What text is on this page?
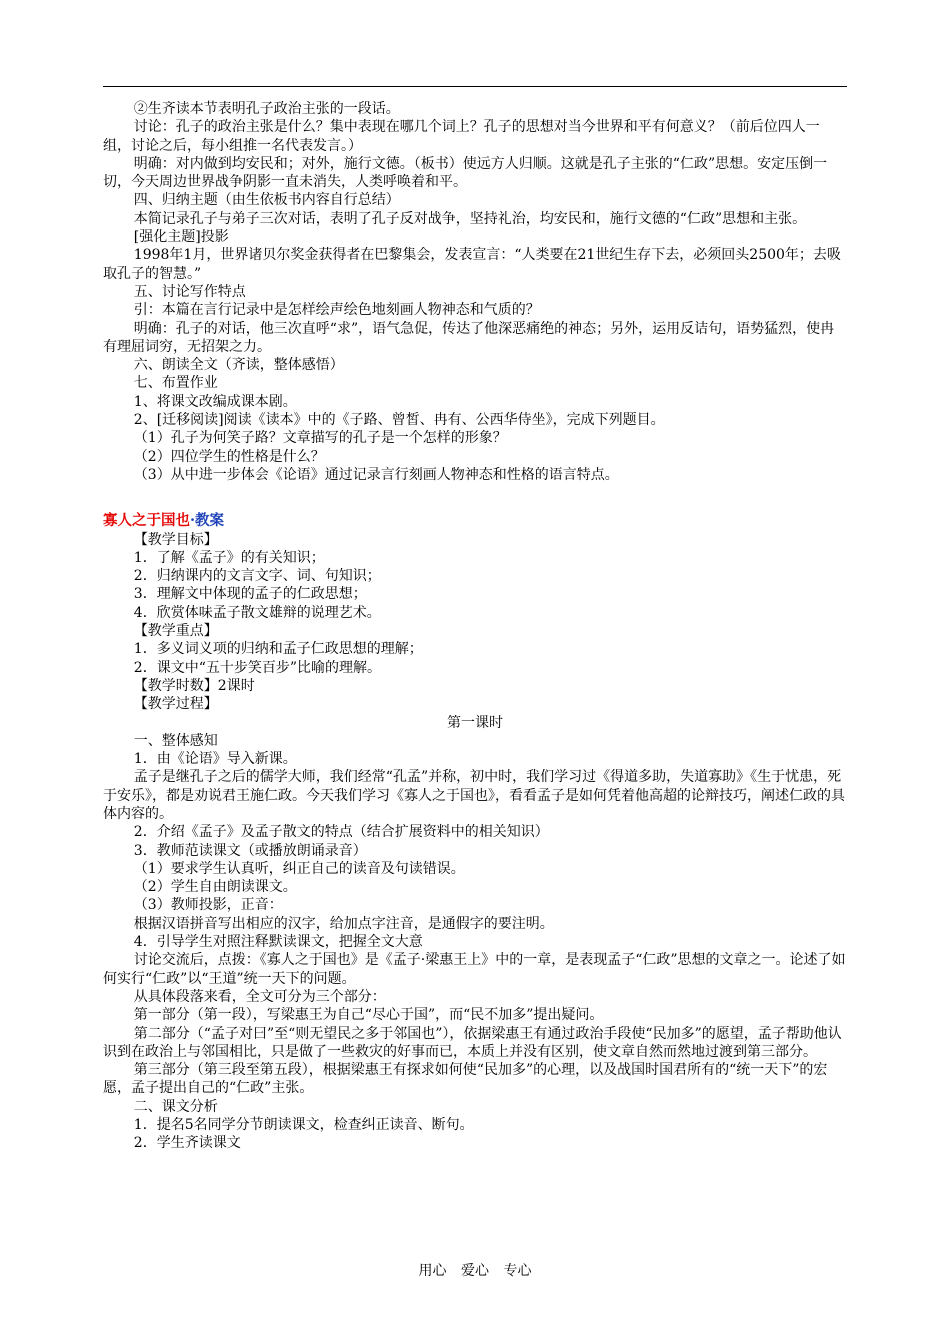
②生齐读本节表明孔子政治主张的一段话。

讨论：孔子的政治主张是什么？集中表现在哪几个词上？孔子的思想对当今世界和平有何意义？（前后位四人一组，讨论之后，每小组推一名代表发言。）

明确：对内做到均安民和；对外，施行文德。（板书）使远方人归顺。这就是孔子主张的“仁政”思想。安定压倒一切，今天周边世界战争阴影一直未消失，人类呼唤着和平。

四、归纳主题（由生依板书内容自行总结）

本简记录孔子与弟子三次对话，表明了孔子反对战争，坚持礼治，均安民和，施行文德的“仁政”思想和主张。

[强化主题]投影

1998年1月，世界诸贝尔奖金获得者在巴黎集会，发表宣言：“人类要在21世纪生存下去，必须回头2500年；去吸取孔子的智慧。”

五、讨论写作特点

引：本篇在言行记录中是怎样绘声绘色地刻画人物神态和气质的？

明确：孔子的对话，他三次直呼“求”，语气急促，传达了他深恶痛绝的神态；另外，运用反诘句，语势猛烈，使冉有理屈词穷，无招架之力。

六、朗读全文（齐读，整体感悟）

七、布置作业

1、将课文改编成课本剧。

2、[迁移阅读]阅读《读本》中的《子路、曾皙、冉有、公西华侍坐》，完成下列题目。

（1）孔子为何笑子路？文章描写的孔子是一个怎样的形象？

（2）四位学生的性格是什么？

（3）从中进一步体会《论语》通过记录言行刻画人物神态和性格的语言特点。

寡人之于国也·教案

【教学目标】

1．了解《孟子》的有关知识；

2．归纳课内的文言文字、词、句知识；

3．理解文中体现的孟子的仁政思想；

4．欣赏体味孟子散文雄辩的说理艺术。

【教学重点】

1．多义词义项的归纳和孟子仁政思想的理解；

2．课文中“五十步笑百步”比喻的理解。

【教学时数】2课时

【教学过程】

第一课时

一、整体感知

1．由《论语》导入新课。

孟子是继孔子之后的儒学大师，我们经常“孔孟”并称，初中时，我们学习过《得道多助，失道寡助》《生于忧患，死于安乐》，都是劝说君王施仁政。今天我们学习《寡人之于国也》，看看孟子是如何凭着他高超的论辩技巧，阐述仁政的具体内容的。

2．介绍《孟子》及孟子散文的特点（结合扩展资料中的相关知识）

3．教师范读课文（或播放朗诵录音）

（1）要求学生认真听，纠正自己的读音及句读错误。

（2）学生自由朗读课文。

（3）教师投影，正音：

根据汉语拼音写出相应的汉字，给加点字注音，是通假字的要注明。

4．引导学生对照注释默读课文，把握全文大意

讨论交流后，点拨：《寡人之于国也》是《孟子·梁惠王上》中的一章，是表现孟子“仁政”思想的文章之一。论述了如何实行“仁政”以“王道”统一天下的问题。

从具体段落来看，全文可分为三个部分：

第一部分（第一段），写梁惠王为自己“尽心于国”，而“民不加多”提出疑问。

第二部分（“孟子对曰”至“则无望民之多于邻国也”），依据梁惠王有通过政治手段使“民加多”的愿望，孟子帮助他认识到在政治上与邻国相比，只是做了一些救灾的好事而已，本质上并没有区别，使文章自然而然地过渡到第三部分。

第三部分（第三段至第五段），根据梁惠王有探求如何使“民加多”的心理，以及战国时国君所有的“统一天下”的宏愿，孟子提出自己的“仁政”主张。

二、课文分析

1．提名5名同学分节朗读课文，检查纠正读音、断句。

2．学生齐读课文

用心 爱心 专心
